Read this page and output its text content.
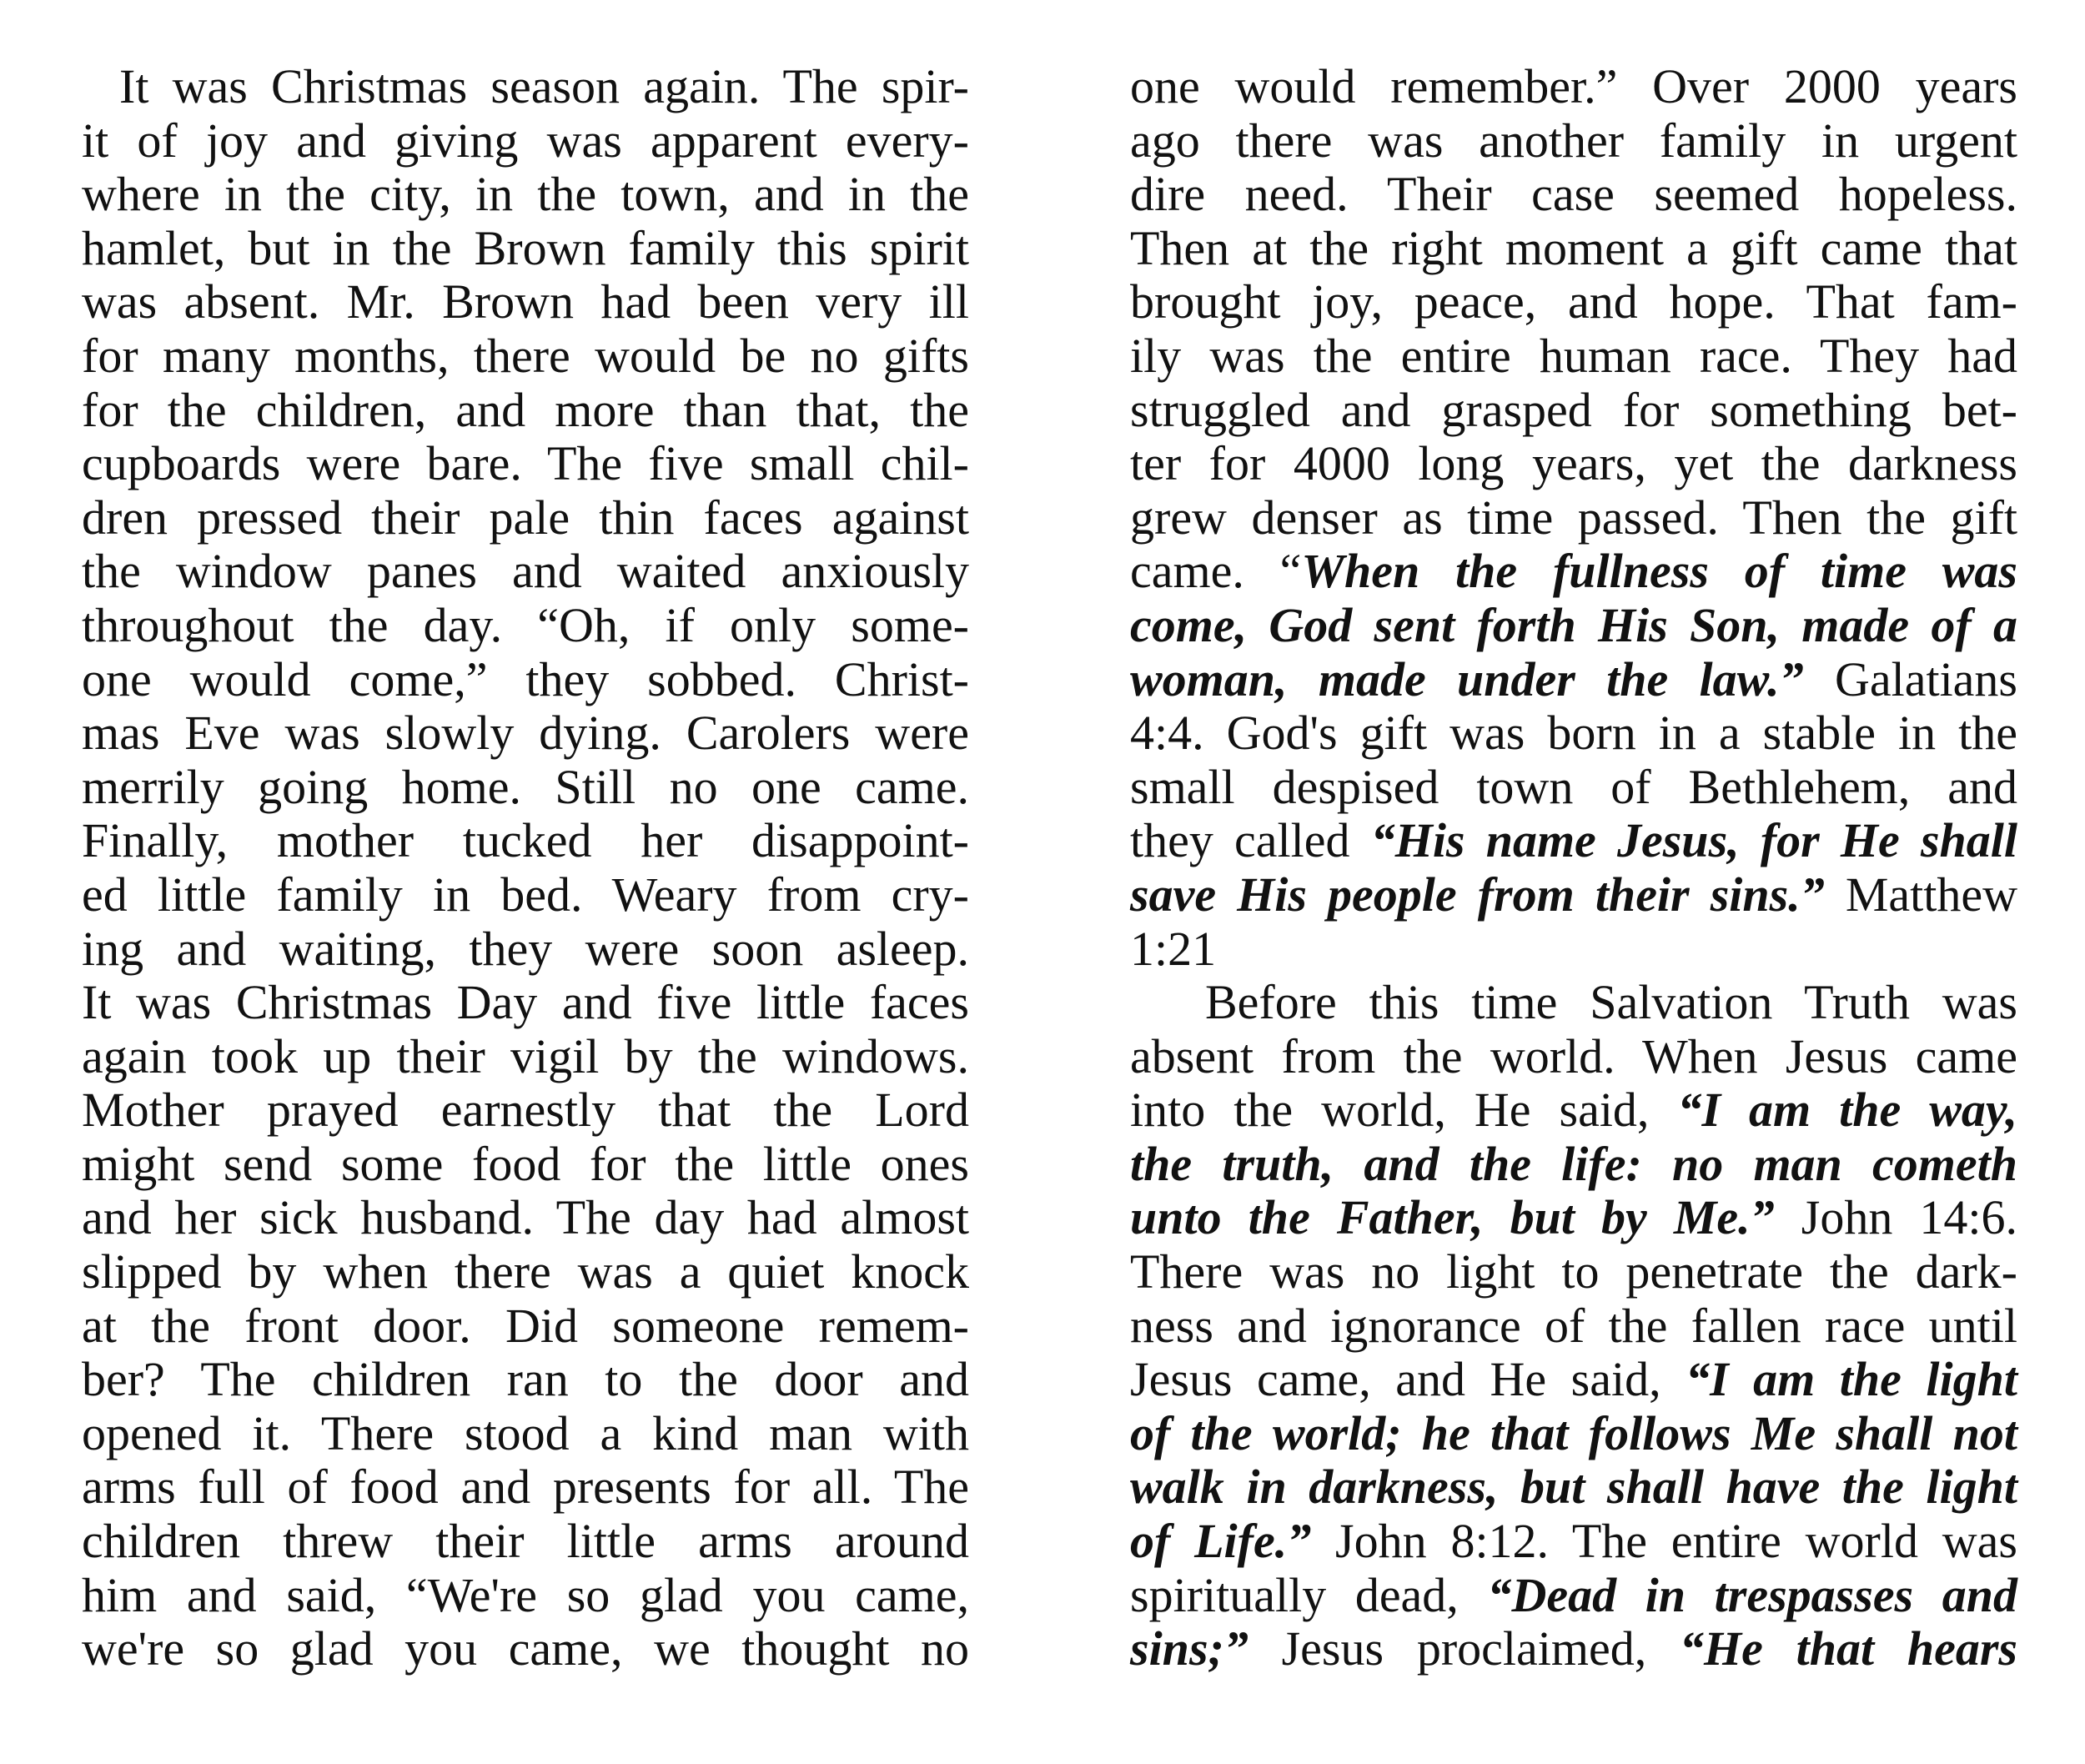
It was Christmas season again. The spir-
it of joy and giving was apparent every-
where in the city, in the town, and in the
hamlet, but in the Brown family this spirit
was absent. Mr. Brown had been very ill
for many months, there would be no gifts
for the children, and more than that, the
cupboards were bare. The five small chil-
dren pressed their pale thin faces against
the window panes and waited anxiously
throughout the day. “Oh, if only some-
one would come,” they sobbed. Christ-
mas Eve was slowly dying. Carolers were
merrily going home. Still no one came.
Finally, mother tucked her disappoint-
ed little family in bed. Weary from cry-
ing and waiting, they were soon asleep.
It was Christmas Day and five little faces
again took up their vigil by the windows.
Mother prayed earnestly that the Lord
might send some food for the little ones
and her sick husband. The day had almost
slipped by when there was a quiet knock
at the front door. Did someone remem-
ber? The children ran to the door and
opened it. There stood a kind man with
arms full of food and presents for all. The
children threw their little arms around
him and said, “We're so glad you came,
we're so glad you came, we thought no
one would remember.” Over 2000 years
ago there was another family in urgent
dire need. Their case seemed hopeless.
Then at the right moment a gift came that
brought joy, peace, and hope. That fam-
ily was the entire human race. They had
struggled and grasped for something bet-
ter for 4000 long years, yet the darkness
grew denser as time passed. Then the gift
came. “When the fullness of time was
come, God sent forth His Son, made of a
woman, made under the law.” Galatians
4:4. God's gift was born in a stable in the
small despised town of Bethlehem, and
they called “His name Jesus, for He shall
save His people from their sins.” Matthew
1:21
Before this time Salvation Truth was
absent from the world. When Jesus came
into the world, He said, “I am the way,
the truth, and the life: no man cometh
unto the Father, but by Me.” John 14:6.
There was no light to penetrate the dark-
ness and ignorance of the fallen race until
Jesus came, and He said, “I am the light
of the world; he that follows Me shall not
walk in darkness, but shall have the light
of Life.” John 8:12. The entire world was
spiritually dead, “Dead in trespasses and
sins;” Jesus proclaimed, “He that hears
